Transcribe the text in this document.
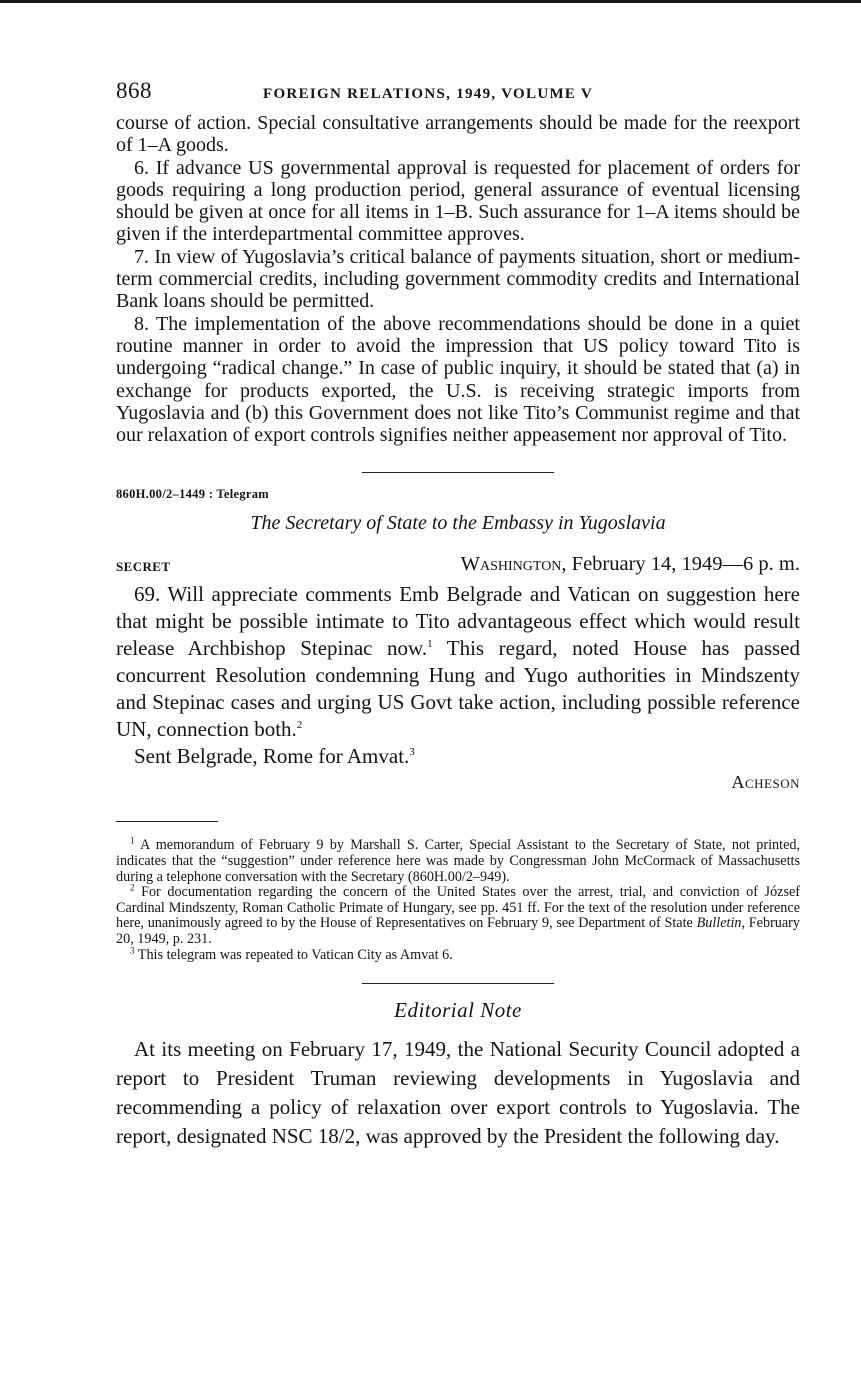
868	FOREIGN RELATIONS, 1949, VOLUME V

course of action. Special consultative arrangements should be made for the reexport of 1–A goods.

6. If advance US governmental approval is requested for placement of orders for goods requiring a long production period, general assurance of eventual licensing should be given at once for all items in 1–B. Such assurance for 1–A items should be given if the interdepartmental committee approves.

7. In view of Yugoslavia’s critical balance of payments situation, short or medium-term commercial credits, including government commodity credits and International Bank loans should be permitted.

8. The implementation of the above recommendations should be done in a quiet routine manner in order to avoid the impression that US policy toward Tito is undergoing “radical change.” In case of public inquiry, it should be stated that (a) in exchange for products exported, the U.S. is receiving strategic imports from Yugoslavia and (b) this Government does not like Tito’s Communist regime and that our relaxation of export controls signifies neither appeasement nor approval of Tito.

860H.00/2–1449 : Telegram
The Secretary of State to the Embassy in Yugoslavia
SECRET	Washington, February 14, 1949—6 p. m.

69. Will appreciate comments Emb Belgrade and Vatican on suggestion here that might be possible intimate to Tito advantageous effect which would result release Archbishop Stepinac now.$^1$ This regard, noted House has passed concurrent Resolution condemning Hung and Yugo authorities in Mindszenty and Stepinac cases and urging US Govt take action, including possible reference UN, connection both.$^2$

Sent Belgrade, Rome for Amvat.$^3$

Acheson

$^1$ A memorandum of February 9 by Marshall S. Carter, Special Assistant to the Secretary of State, not printed, indicates that the “suggestion” under reference here was made by Congressman John McCormack of Massachusetts during a telephone conversation with the Secretary (860H.00/2–949).

$^2$ For documentation regarding the concern of the United States over the arrest, trial, and conviction of József Cardinal Mindszenty, Roman Catholic Primate of Hungary, see pp. 451 ff. For the text of the resolution under reference here, unanimously agreed to by the House of Representatives on February 9, see Department of State Bulletin, February 20, 1949, p. 231.

$^3$ This telegram was repeated to Vatican City as Amvat 6.

Editorial Note
At its meeting on February 17, 1949, the National Security Council adopted a report to President Truman reviewing developments in Yugoslavia and recommending a policy of relaxation over export controls to Yugoslavia. The report, designated NSC 18/2, was approved by the President the following day.
